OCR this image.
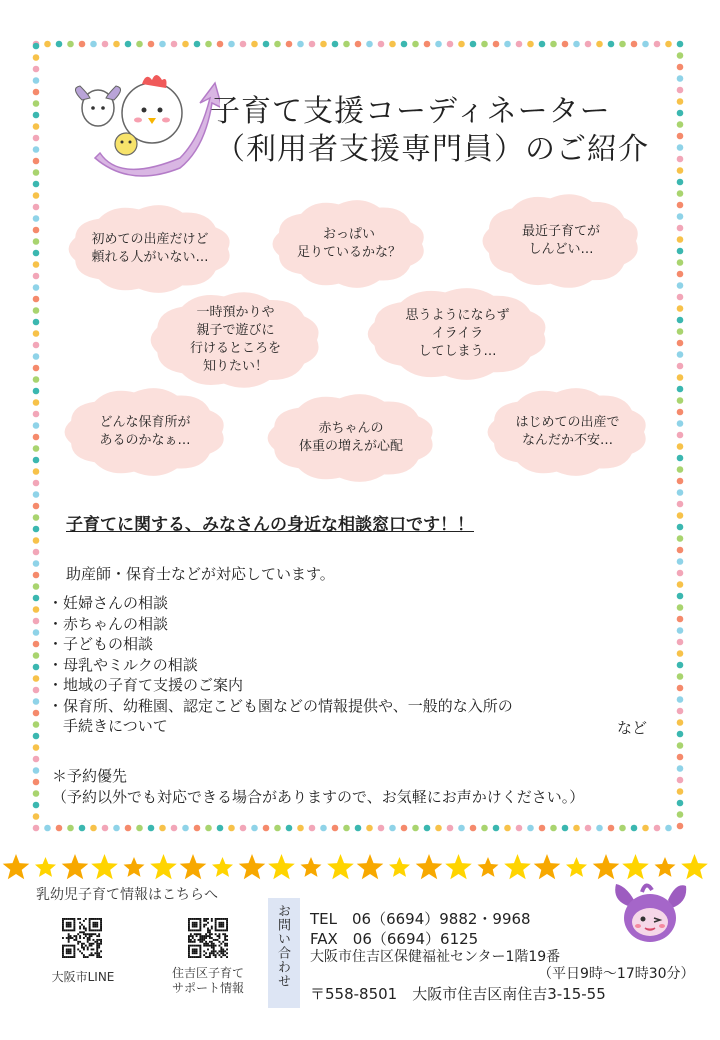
子育て支援コーディネーター
（利用者支援専門員）のご紹介
初めての出産だけど
頼れる人がいない…
おっぱい
足りているかな？
最近子育てが
しんどい…
一時預かりや
親子で遊びに
行けるところを
知りたい！
思うようにならず
イライラ
してしまう…
どんな保育所が
あるのかなぁ…
赤ちゃんの
体重の増えが心配
はじめての出産で
なんだか不安…
子育てに関する、みなさんの身近な相談窓口です！！
助産師・保育士などが対応しています。
・妊婦さんの相談
・赤ちゃんの相談
・子どもの相談
・母乳やミルクの相談
・地域の子育て支援のご案内
・保育所、幼稚園、認定こども園などの情報提供や、一般的な入所の
　手続きについて	など
＊予約優先
（予約以外でも対応できる場合がありますので、お気軽にお声かけください。）
乳幼児子育て情報はこちらへ
大阪市LINE	住吉区子育て
サポート情報	お問い合わせ TEL　06（6694）9882・9968
FAX　06（6694）6125
大阪市住吉区保健福祉センター1階19番
（平日9時～17時30分）
〒558-8501　大阪市住吉区南住吉3-15-55
